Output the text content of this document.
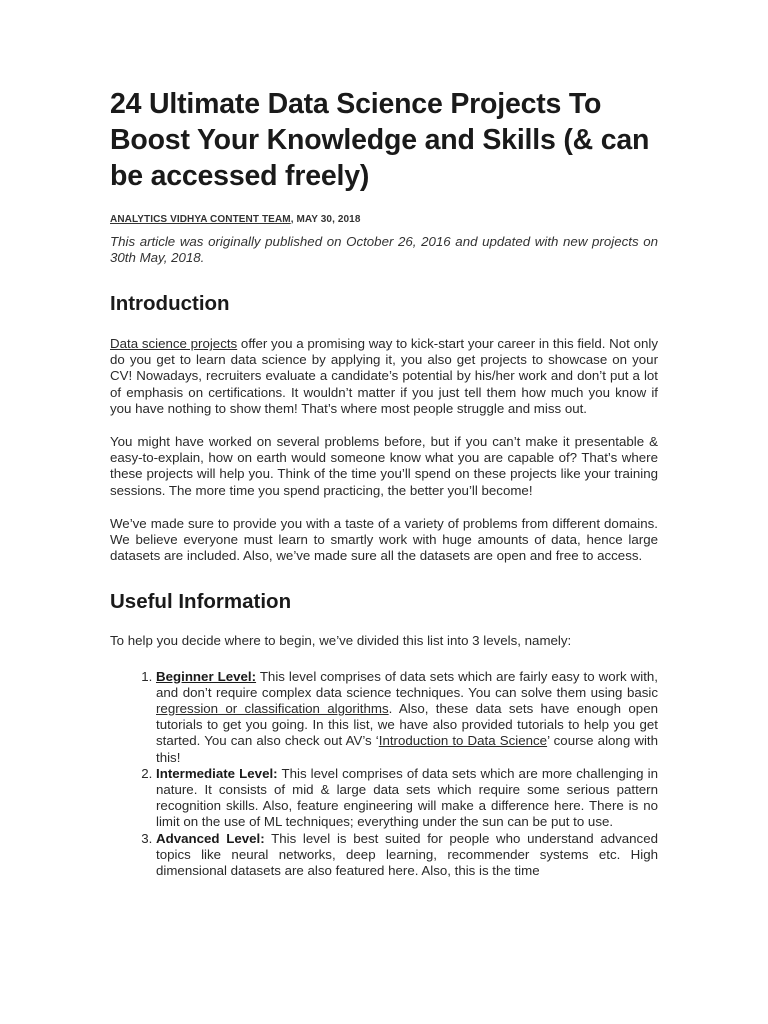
24 Ultimate Data Science Projects To Boost Your Knowledge and Skills (& can be accessed freely)
ANALYTICS VIDHYA CONTENT TEAM, MAY 30, 2018

This article was originally published on October 26, 2016 and updated with new projects on 30th May, 2018.

Introduction

Data science projects offer you a promising way to kick-start your career in this field. Not only do you get to learn data science by applying it, you also get projects to showcase on your CV! Nowadays, recruiters evaluate a candidate’s potential by his/her work and don’t put a lot of emphasis on certifications. It wouldn’t matter if you just tell them how much you know if you have nothing to show them! That’s where most people struggle and miss out.

You might have worked on several problems before, but if you can’t make it presentable & easy-to-explain, how on earth would someone know what you are capable of? That’s where these projects will help you. Think of the time you’ll spend on these projects like your training sessions. The more time you spend practicing, the better you’ll become!

We’ve made sure to provide you with a taste of a variety of problems from different domains. We believe everyone must learn to smartly work with huge amounts of data, hence large datasets are included. Also, we’ve made sure all the datasets are open and free to access.

Useful Information

To help you decide where to begin, we’ve divided this list into 3 levels, namely:

1. Beginner Level: This level comprises of data sets which are fairly easy to work with, and don’t require complex data science techniques. You can solve them using basic regression or classification algorithms. Also, these data sets have enough open tutorials to get you going. In this list, we have also provided tutorials to help you get started. You can also check out AV’s ‘Introduction to Data Science’ course along with this!
2. Intermediate Level: This level comprises of data sets which are more challenging in nature. It consists of mid & large data sets which require some serious pattern recognition skills. Also, feature engineering will make a difference here. There is no limit on the use of ML techniques; everything under the sun can be put to use.
3. Advanced Level: This level is best suited for people who understand advanced topics like neural networks, deep learning, recommender systems etc. High dimensional datasets are also featured here. Also, this is the time
